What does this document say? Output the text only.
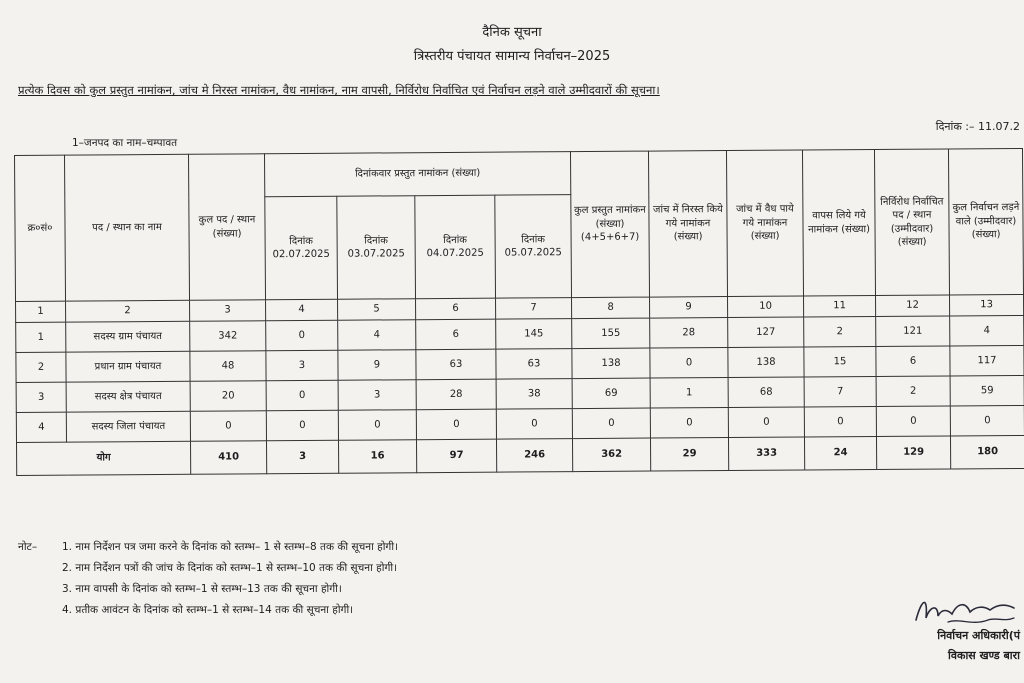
दैनिक सूचना
त्रिस्तरीय पंचायत सामान्य निर्वाचन–2025
प्रत्येक दिवस को कुल प्रस्तुत नामांकन, जांच मे निरस्त नामांकन, वैध नामांकन, नाम वापसी, निर्विरोध निर्वाचित एवं निर्वाचन लड़ने वाले उम्मीदवारों की सूचना।
दिनांक :– 11.07.2
1–जनपद का नाम–चम्पावत
क्र०सं०	पद / स्थान का नाम	कुल पद / स्थान (संख्या)	दिनांकवार प्रस्तुत नामांकन (संख्या)				कुल प्रस्तुत नामांकन (संख्या) (4+5+6+7)	जांच में निरस्त किये गये नामांकन (संख्या)	जांच में वैध पाये गये नामांकन (संख्या)	वापस लिये गये नामांकन (संख्या)	निर्विरोध निर्वाचित पद / स्थान (उम्मीदवार) (संख्या)	कुल निर्वाचन लड़ने वाले (उम्मीदवार) (संख्या)
			दिनांक 02.07.2025	दिनांक 03.07.2025	दिनांक 04.07.2025	दिनांक 05.07.2025						
1	2	3	4	5	6	7	8	9	10	11	12	13
1	सदस्य ग्राम पंचायत	342	0	4	6	145	155	28	127	2	121	4
2	प्रधान ग्राम पंचायत	48	3	9	63	63	138	0	138	15	6	117
3	सदस्य क्षेत्र पंचायत	20	0	3	28	38	69	1	68	7	2	59
4	सदस्य जिला पंचायत	0	0	0	0	0	0	0	0	0	0	0
योग		410	3	16	97	246	362	29	333	24	129	180
नोट– 1. नाम निर्देशन पत्र जमा करने के दिनांक को स्तम्भ– 1 से स्तम्भ–8 तक की सूचना होगी।
2. नाम निर्देशन पत्रों की जांच के दिनांक को स्तम्भ–1 से स्तम्भ–10 तक की सूचना होगी।
3. नाम वापसी के दिनांक को स्तम्भ–1 से स्तम्भ–13 तक की सूचना होगी।
4. प्रतीक आवंटन के दिनांक को स्तम्भ–1 से स्तम्भ–14 तक की सूचना होगी।
निर्वाचन अधिकारी(पं
विकास खण्ड बारा
